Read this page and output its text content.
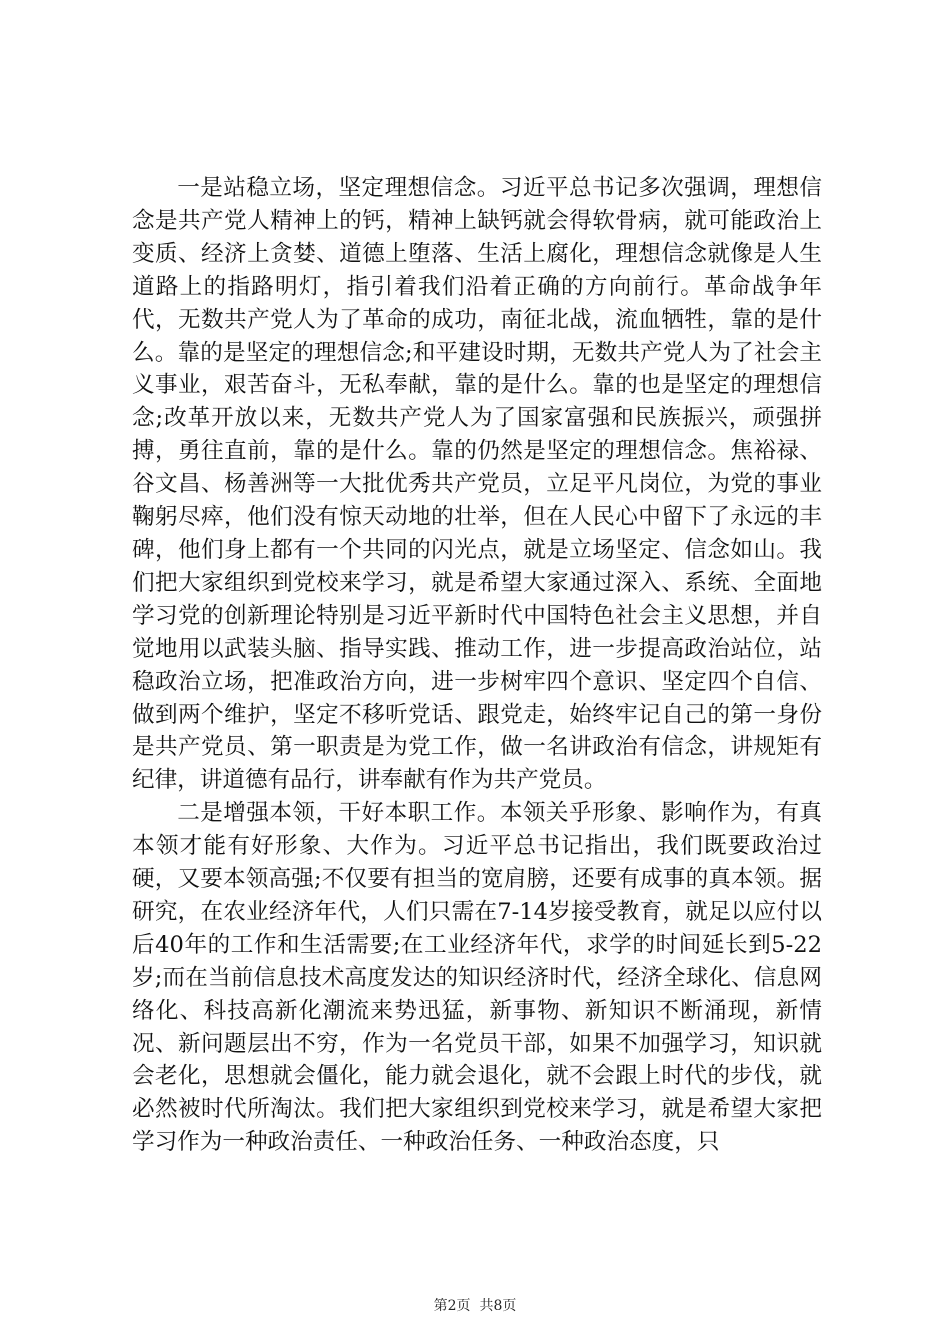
一是站稳立场，坚定理想信念。习近平总书记多次强调，理想信念是共产党人精神上的钙，精神上缺钙就会得软骨病，就可能政治上变质、经济上贪婪、道德上堕落、生活上腐化，理想信念就像是人生道路上的指路明灯，指引着我们沿着正确的方向前行。革命战争年代，无数共产党人为了革命的成功，南征北战，流血牺牲，靠的是什么。靠的是坚定的理想信念;和平建设时期，无数共产党人为了社会主义事业，艰苦奋斗，无私奉献，靠的是什么。靠的也是坚定的理想信念;改革开放以来，无数共产党人为了国家富强和民族振兴，顽强拼搏，勇往直前，靠的是什么。靠的仍然是坚定的理想信念。焦裕禄、谷文昌、杨善洲等一大批优秀共产党员，立足平凡岗位，为党的事业鞠躬尽瘁，他们没有惊天动地的壮举，但在人民心中留下了永远的丰碑，他们身上都有一个共同的闪光点，就是立场坚定、信念如山。我们把大家组织到党校来学习，就是希望大家通过深入、系统、全面地学习党的创新理论特别是习近平新时代中国特色社会主义思想，并自觉地用以武装头脑、指导实践、推动工作，进一步提高政治站位，站稳政治立场，把准政治方向，进一步树牢四个意识、坚定四个自信、做到两个维护，坚定不移听党话、跟党走，始终牢记自己的第一身份是共产党员、第一职责是为党工作，做一名讲政治有信念，讲规矩有纪律，讲道德有品行，讲奉献有作为共产党员。

二是增强本领，干好本职工作。本领关乎形象、影响作为，有真本领才能有好形象、大作为。习近平总书记指出，我们既要政治过硬，又要本领高强;不仅要有担当的宽肩膀，还要有成事的真本领。据研究，在农业经济年代，人们只需在7-14岁接受教育，就足以应付以后40年的工作和生活需要;在工业经济年代，求学的时间延长到5-22岁;而在当前信息技术高度发达的知识经济时代，经济全球化、信息网络化、科技高新化潮流来势迅猛，新事物、新知识不断涌现，新情况、新问题层出不穷，作为一名党员干部，如果不加强学习，知识就会老化，思想就会僵化，能力就会退化，就不会跟上时代的步伐，就必然被时代所淘汰。我们把大家组织到党校来学习，就是希望大家把学习作为一种政治责任、一种政治任务、一种政治态度，只

第2页 共8页
